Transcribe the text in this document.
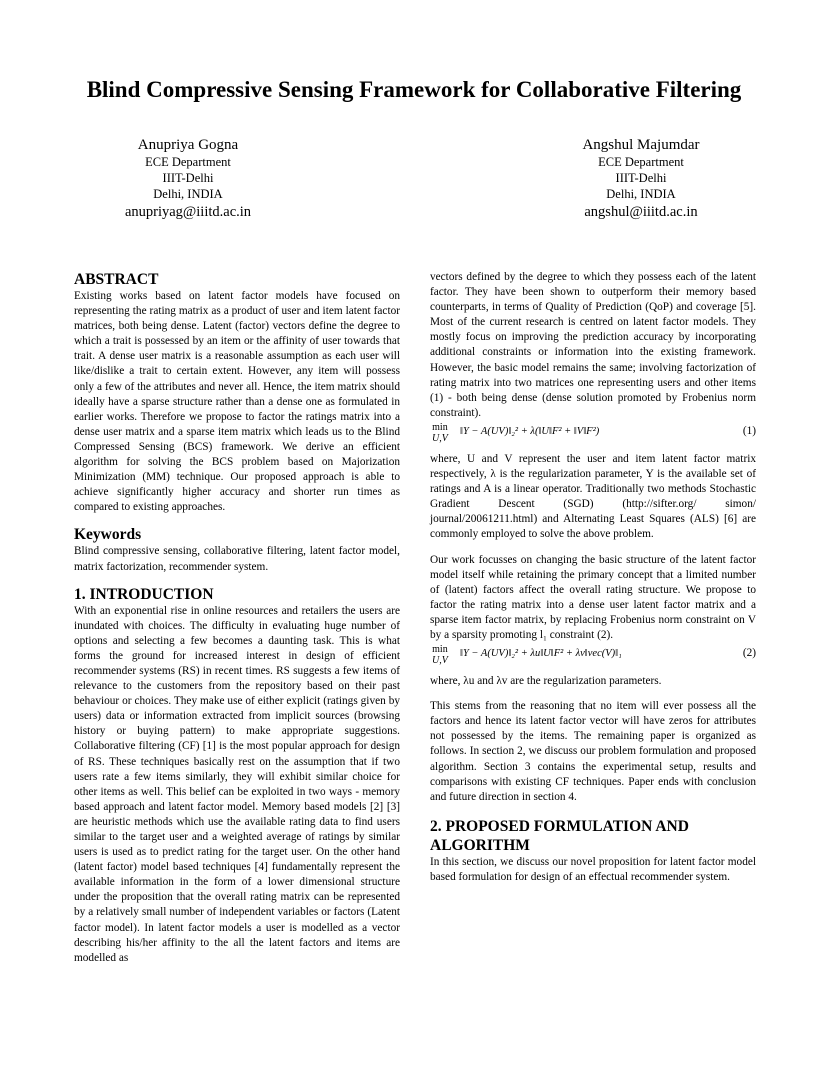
Blind Compressive Sensing Framework for Collaborative Filtering
Anupriya Gogna
ECE Department
IIIT-Delhi
Delhi, INDIA
anupriyag@iiitd.ac.in
Angshul Majumdar
ECE Department
IIIT-Delhi
Delhi, INDIA
angshul@iiitd.ac.in
ABSTRACT

Existing works based on latent factor models have focused on representing the rating matrix as a product of user and item latent factor matrices, both being dense. Latent (factor) vectors define the degree to which a trait is possessed by an item or the affinity of user towards that trait. A dense user matrix is a reasonable assumption as each user will like/dislike a trait to certain extent. However, any item will possess only a few of the attributes and never all. Hence, the item matrix should ideally have a sparse structure rather than a dense one as formulated in earlier works. Therefore we propose to factor the ratings matrix into a dense user matrix and a sparse item matrix which leads us to the Blind Compressed Sensing (BCS) framework. We derive an efficient algorithm for solving the BCS problem based on Majorization Minimization (MM) technique. Our proposed approach is able to achieve significantly higher accuracy and shorter run times as compared to existing approaches.

Keywords

Blind compressive sensing, collaborative filtering, latent factor model, matrix factorization, recommender system.

1. INTRODUCTION

With an exponential rise in online resources and retailers the users are inundated with choices. The difficulty in evaluating huge number of options and selecting a few becomes a daunting task. This is what forms the ground for increased interest in design of efficient recommender systems (RS) in recent times. RS suggests a few items of relevance to the customers from the repository based on their past behaviour or choices. They make use of either explicit (ratings given by users) data or information extracted from implicit sources (browsing history or buying pattern) to make appropriate suggestions. Collaborative filtering (CF) [1] is the most popular approach for design of RS. These techniques basically rest on the assumption that if two users rate a few items similarly, they will exhibit similar choice for other items as well. This belief can be exploited in two ways - memory based approach and latent factor model. Memory based models [2] [3] are heuristic methods which use the available rating data to find users similar to the target user and a weighted average of ratings by similar users is used as to predict rating for the target user. On the other hand (latent factor) model based techniques [4] fundamentally represent the available information in the form of a lower dimensional structure under the proposition that the overall rating matrix can be represented by a relatively small number of independent variables or factors (Latent factor model). In latent factor models a user is modelled as a vector describing his/her affinity to the all the latent factors and items are modelled as

vectors defined by the degree to which they possess each of the latent factor. They have been shown to outperform their memory based counterparts, in terms of Quality of Prediction (QoP) and coverage [5]. Most of the current research is centred on latent factor models. They mostly focus on improving the prediction accuracy by incorporating additional constraints or information into the existing framework. However, the basic model remains the same; involving factorization of rating matrix into two matrices one representing users and other items (1) - both being dense (dense solution promoted by Frobenius norm constraint).

min
U,V
‖Y − A(UV)‖₂² + λ(‖U‖F² + ‖V‖F²)	(1)

where, U and V represent the user and item latent factor matrix respectively, λ is the regularization parameter, Y is the available set of ratings and A is a linear operator. Traditionally two methods Stochastic Gradient Descent (SGD) (http://sifter.org/ simon/ journal/20061211.html) and Alternating Least Squares (ALS) [6] are commonly employed to solve the above problem.

Our work focusses on changing the basic structure of the latent factor model itself while retaining the primary concept that a limited number of (latent) factors affect the overall rating structure. We propose to factor the rating matrix into a dense user latent factor matrix and a sparse item factor matrix, by replacing Frobenius norm constraint on V by a sparsity promoting l₁ constraint (2).

min
U,V
‖Y − A(UV)‖₂² + λu‖U‖F² + λv‖vec(V)‖₁	(2)

where, λu and λv are the regularization parameters.

This stems from the reasoning that no item will ever possess all the factors and hence its latent factor vector will have zeros for attributes not possessed by the items. The remaining paper is organized as follows. In section 2, we discuss our problem formulation and proposed algorithm. Section 3 contains the experimental setup, results and comparisons with existing CF techniques. Paper ends with conclusion and future direction in section 4.

2. PROPOSED FORMULATION AND ALGORITHM

In this section, we discuss our novel proposition for latent factor model based formulation for design of an effectual recommender system.
